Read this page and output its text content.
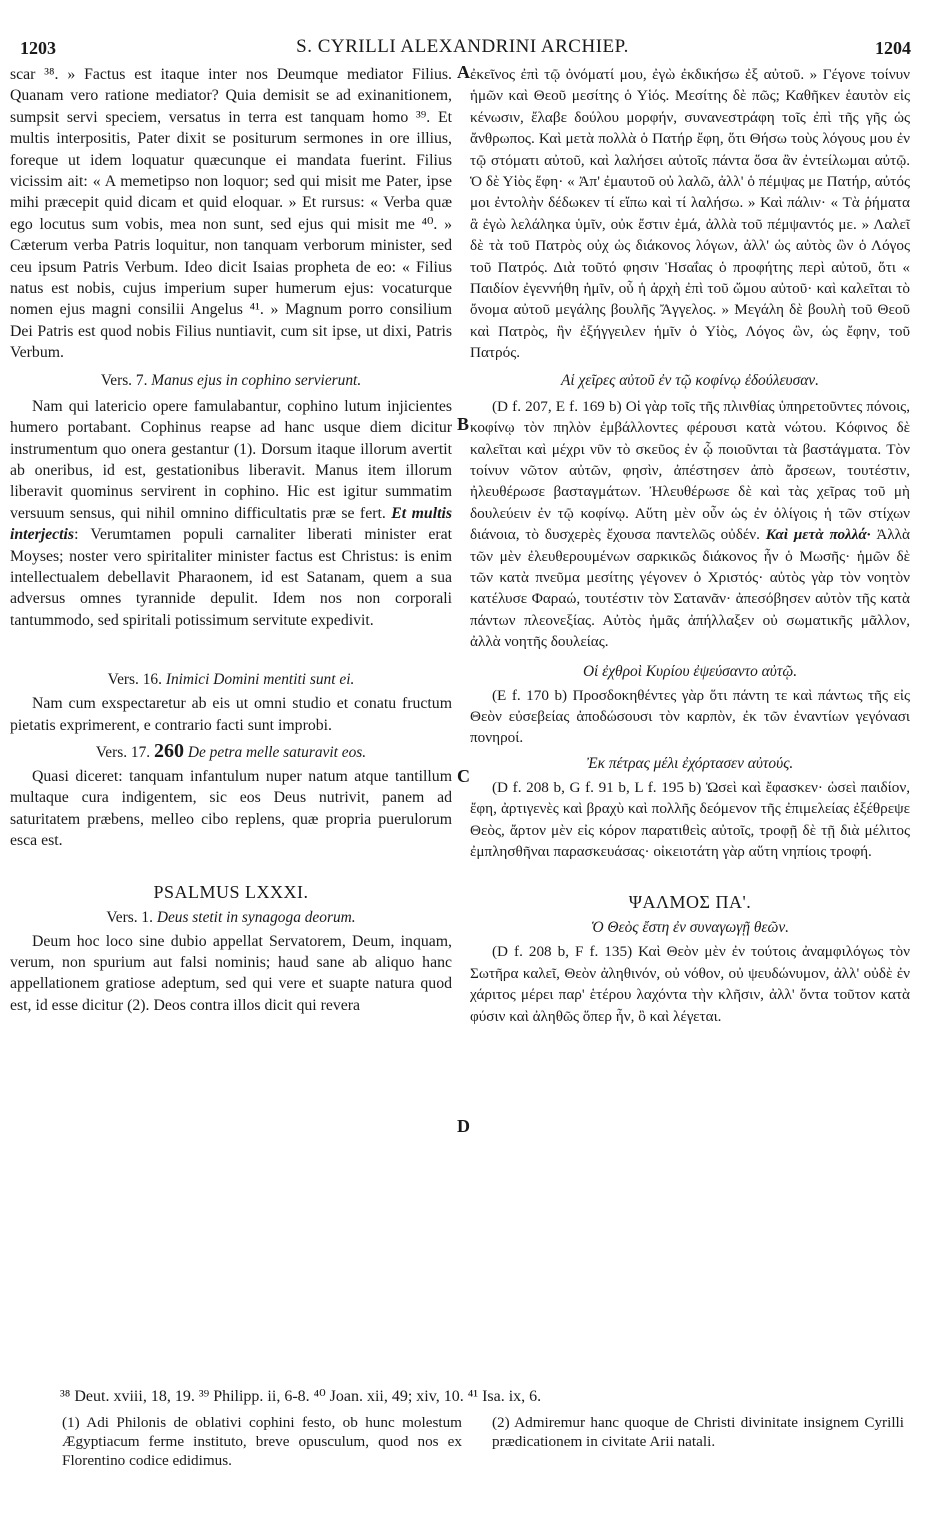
1203	S. CYRILLI ALEXANDRINI ARCHIEP.	1204
A
B
C
D

scar ³⁸. » Factus est itaque inter nos Deumque mediator Filius. Quanam vero ratione mediator? Quia demisit se ad exinanitionem, sumpsit servi speciem, versatus in terra est tanquam homo ³⁹. Et multis interpositis, Pater dixit se positurum sermones in ore illius, foreque ut idem loquatur quæcunque ei mandata fuerint. Filius vicissim ait: « A memetipso non loquor; sed qui misit me Pater, ipse mihi præcepit quid dicam et quid eloquar. » Et rursus: « Verba quæ ego locutus sum vobis, mea non sunt, sed ejus qui misit me ⁴⁰. » Cæterum verba Patris loquitur, non tanquam verborum minister, sed ceu ipsum Patris Verbum. Ideo dicit Isaias propheta de eo: « Filius natus est nobis, cujus imperium super humerum ejus: vocaturque nomen ejus magni consilii Angelus ⁴¹. » Magnum porro consilium Dei Patris est quod nobis Filius nuntiavit, cum sit ipse, ut dixi, Patris Verbum.

Vers. 7. Manus ejus in cophino servierunt.

Nam qui latericio opere famulabantur, cophino lutum injicientes humero portabant. Cophinus reapse ad hanc usque diem dicitur instrumentum quo onera gestantur (1). Dorsum itaque illorum avertit ab oneribus, id est, gestationibus liberavit. Manus item illorum liberavit quominus servirent in cophino. Hic est igitur summatim versuum sensus, qui nihil omnino difficultatis præ se fert. Et multis interjectis: Verumtamen populi carnaliter liberati minister erat Moyses; noster vero spiritaliter minister factus est Christus: is enim intellectualem debellavit Pharaonem, id est Satanam, quem a sua adversus omnes tyrannide depulit. Idem nos non corporali tantummodo, sed spiritali potissimum servitute expedivit.

Vers. 16. Inimici Domini mentiti sunt ei.

Nam cum exspectaretur ab eis ut omni studio et conatu fructum pietatis exprimerent, e contrario facti sunt improbi.

Vers. 17. 260 De petra melle saturavit eos.

Quasi diceret: tanquam infantulum nuper natum atque tantillum multaque cura indigentem, sic eos Deus nutrivit, panem ad saturitatem præbens, melleo cibo replens, quæ propria puerulorum esca est.

PSALMUS LXXXI.

Vers. 1. Deus stetit in synagoga deorum.

Deum hoc loco sine dubio appellat Servatorem, Deum, inquam, verum, non spurium aut falsi nominis; haud sane ab aliquo hanc appellationem gratiose adeptum, sed qui vere et suapte natura quod est, id esse dicitur (2). Deos contra illos dicit qui revera

ἐκεῖνος ἐπὶ τῷ ὀνόματί μου, ἐγὼ ἐκδικήσω ἐξ αὐτοῦ. » Γέγονε τοίνυν ἡμῶν καὶ Θεοῦ μεσίτης ὁ Υἱός. Μεσίτης δὲ πῶς; Καθῆκεν ἑαυτὸν εἰς κένωσιν, ἔλαβε δούλου μορφήν, συνανεστράφη τοῖς ἐπὶ τῆς γῆς ὡς ἄνθρωπος. Καὶ μετὰ πολλὰ ὁ Πατήρ ἔφη, ὅτι Θήσω τοὺς λόγους μου ἐν τῷ στόματι αὐτοῦ, καὶ λαλήσει αὐτοῖς πάντα ὅσα ἂν ἐντείλωμαι αὐτῷ. Ὁ δὲ Υἱὸς ἔφη· « Ἀπ' ἐμαυτοῦ οὐ λαλῶ, ἀλλ' ὁ πέμψας με Πατήρ, αὐτός μοι ἐντολὴν δέδωκεν τί εἴπω καὶ τί λαλήσω. » Καὶ πάλιν· « Τὰ ῥήματα ἃ ἐγὼ λελάληκα ὑμῖν, οὐκ ἔστιν ἐμά, ἀλλὰ τοῦ πέμψαντός με. » Λαλεῖ δὲ τὰ τοῦ Πατρὸς οὐχ ὡς διάκονος λόγων, ἀλλ' ὡς αὐτὸς ὢν ὁ Λόγος τοῦ Πατρός. Διὰ τοῦτό φησιν Ἡσαΐας ὁ προφήτης περὶ αὐτοῦ, ὅτι « Παιδίον ἐγεννήθη ἡμῖν, οὗ ἡ ἀρχὴ ἐπὶ τοῦ ὤμου αὐτοῦ· καὶ καλεῖται τὸ ὄνομα αὐτοῦ μεγάλης βουλῆς Ἄγγελος. » Μεγάλη δὲ βουλὴ τοῦ Θεοῦ καὶ Πατρὸς, ἣν ἐξήγγειλεν ἡμῖν ὁ Υἱὸς, Λόγος ὢν, ὡς ἔφην, τοῦ Πατρός.

Αἱ χεῖρες αὐτοῦ ἐν τῷ κοφίνῳ ἐδούλευσαν.

(D f. 207, E f. 169 b) Οἱ γὰρ τοῖς τῆς πλινθίας ὑπηρετοῦντες πόνοις, κοφίνῳ τὸν πηλὸν ἐμβάλλοντες φέρουσι κατὰ νώτου. Κόφινος δὲ καλεῖται καὶ μέχρι νῦν τὸ σκεῦος ἐν ᾧ ποιοῦνται τὰ βαστάγματα. Τὸν τοίνυν νῶτον αὐτῶν, φησὶν, ἀπέστησεν ἀπὸ ἄρσεων, τουτέστιν, ἠλευθέρωσε βασταγμάτων. Ἠλευθέρωσε δὲ καὶ τὰς χεῖρας τοῦ μὴ δουλεύειν ἐν τῷ κοφίνῳ. Αὕτη μὲν οὖν ὡς ἐν ὀλίγοις ἡ τῶν στίχων διάνοια, τὸ δυσχερὲς ἔχουσα παντελῶς οὐδέν. Καὶ μετὰ πολλά· Ἀλλὰ τῶν μὲν ἐλευθερουμένων σαρκικῶς διάκονος ἦν ὁ Μωσῆς· ἡμῶν δὲ τῶν κατὰ πνεῦμα μεσίτης γέγονεν ὁ Χριστός· αὐτὸς γὰρ τὸν νοητὸν κατέλυσε Φαραώ, τουτέστιν τὸν Σατανᾶν· ἀπεσόβησεν αὐτὸν τῆς κατὰ πάντων πλεονεξίας. Αὐτὸς ἡμᾶς ἀπήλλαξεν οὐ σωματικῆς μᾶλλον, ἀλλὰ νοητῆς δουλείας.

Οἱ ἐχθροὶ Κυρίου ἐψεύσαντο αὐτῷ.

(E f. 170 b) Προσδοκηθέντες γὰρ ὅτι πάντη τε καὶ πάντως τῆς εἰς Θεὸν εὐσεβείας ἀποδώσουσι τὸν καρπὸν, ἐκ τῶν ἐναντίων γεγόνασι πονηροί.

Ἐκ πέτρας μέλι ἐχόρτασεν αὐτούς.

(D f. 208 b, G f. 91 b, L f. 195 b) Ὡσεὶ καὶ ἔφασκεν· ὡσεὶ παιδίον, ἔφη, ἀρτιγενὲς καὶ βραχὺ καὶ πολλῆς δεόμενον τῆς ἐπιμελείας ἐξέθρεψε Θεὸς, ἄρτον μὲν εἰς κόρον παρατιθεὶς αὐτοῖς, τροφῇ δὲ τῇ διὰ μέλιτος ἐμπλησθῆναι παρασκευάσας· οἰκειοτάτη γὰρ αὕτη νηπίοις τροφή.

ΨΑΛΜΟΣ ΠΑ'.

Ὁ Θεὸς ἔστη ἐν συναγωγῇ θεῶν.

(D f. 208 b, F f. 135) Καὶ Θεὸν μὲν ἐν τούτοις ἀναμφιλόγως τὸν Σωτῆρα καλεῖ, Θεὸν ἀληθινόν, οὐ νόθον, οὐ ψευδώνυμον, ἀλλ' οὐδὲ ἐν χάριτος μέρει παρ' ἑτέρου λαχόντα τὴν κλῆσιν, ἀλλ' ὄντα τοῦτον κατὰ φύσιν καὶ ἀληθῶς ὅπερ ἦν, ὃ καὶ λέγεται.

³⁸ Deut. xviii, 18, 19. ³⁹ Philipp. ii, 6-8. ⁴⁰ Joan. xii, 49; xiv, 10. ⁴¹ Isa. ix, 6.
(1) Adi Philonis de oblativi cophini festo, ob hunc molestum Ægyptiacum ferme instituto, breve opusculum, quod nos ex Florentino codice edidimus.
(2) Admiremur hanc quoque de Christi divinitate insignem Cyrilli prædicationem in civitate Arii natali.
